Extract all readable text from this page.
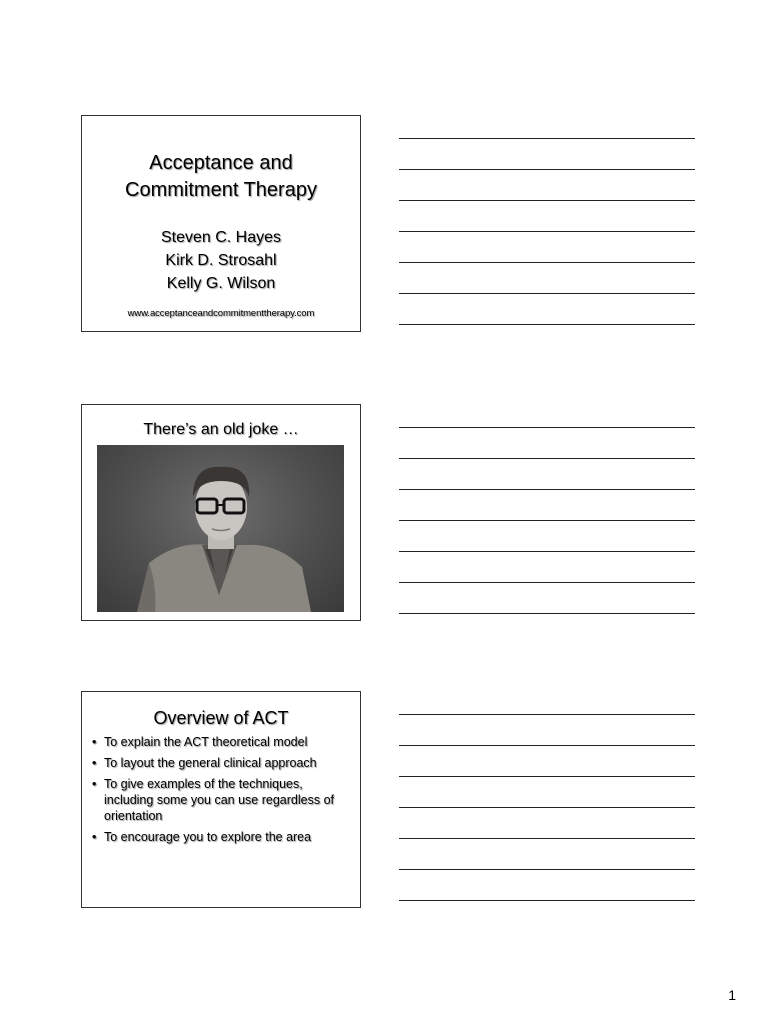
Acceptance and
Commitment Therapy
Steven C. Hayes
Kirk D. Strosahl
Kelly G. Wilson
www.acceptanceandcommitmenttherapy.com
There’s an old joke …
Overview of ACT
• To explain the ACT theoretical model
• To layout the general clinical approach
• To give examples of the techniques, including some you can use regardless of orientation
• To encourage you to explore the area
1
